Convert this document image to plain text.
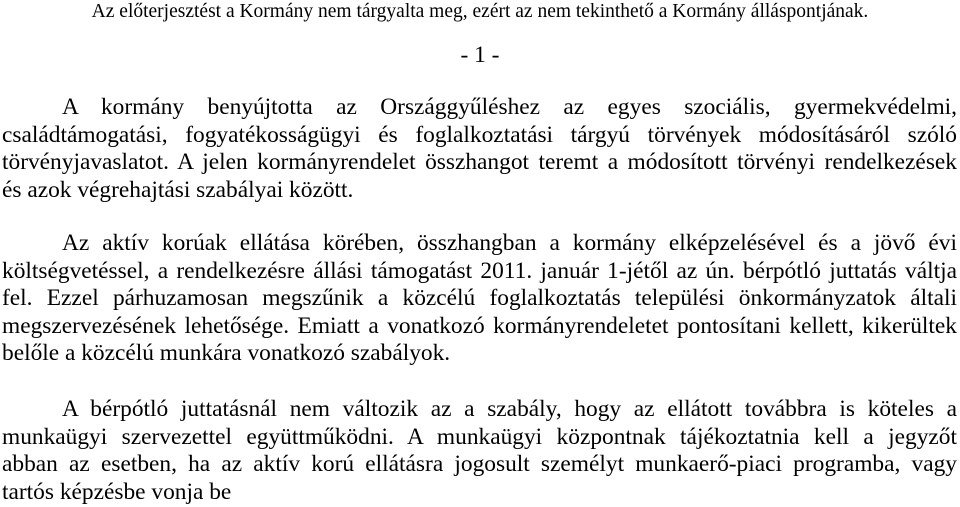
Az előterjesztést a Kormány nem tárgyalta meg, ezért az nem tekinthető a Kormány álláspontjának.
- 1 -
A kormány benyújtotta az Országgyűléshez az egyes szociális, gyermekvédelmi,
családtámogatási, fogyatékosságügyi és foglalkoztatási tárgyú törvények módosításáról szóló
törvényjavaslatot. A jelen kormányrendelet összhangot teremt a módosított törvényi rendelkezések
és azok végrehajtási szabályai között.
Az aktív korúak ellátása körében, összhangban a kormány elképzelésével és a jövő évi
költségvetéssel, a rendelkezésre állási támogatást 2011. január 1-jétől az ún. bérpótló juttatás váltja
fel. Ezzel párhuzamosan megszűnik a közcélú foglalkoztatás települési önkormányzatok általi
megszervezésének lehetősége. Emiatt a vonatkozó kormányrendeletet pontosítani kellett, kikerültek
belőle a közcélú munkára vonatkozó szabályok.
A bérpótló juttatásnál nem változik az a szabály, hogy az ellátott továbbra is köteles a
munkaügyi szervezettel együttműködni. A munkaügyi központnak tájékoztatnia kell a jegyzőt
abban az esetben, ha az aktív korú ellátásra jogosult személyt munkaerő-piaci programba, vagy
tartós képzésbe vonja be
